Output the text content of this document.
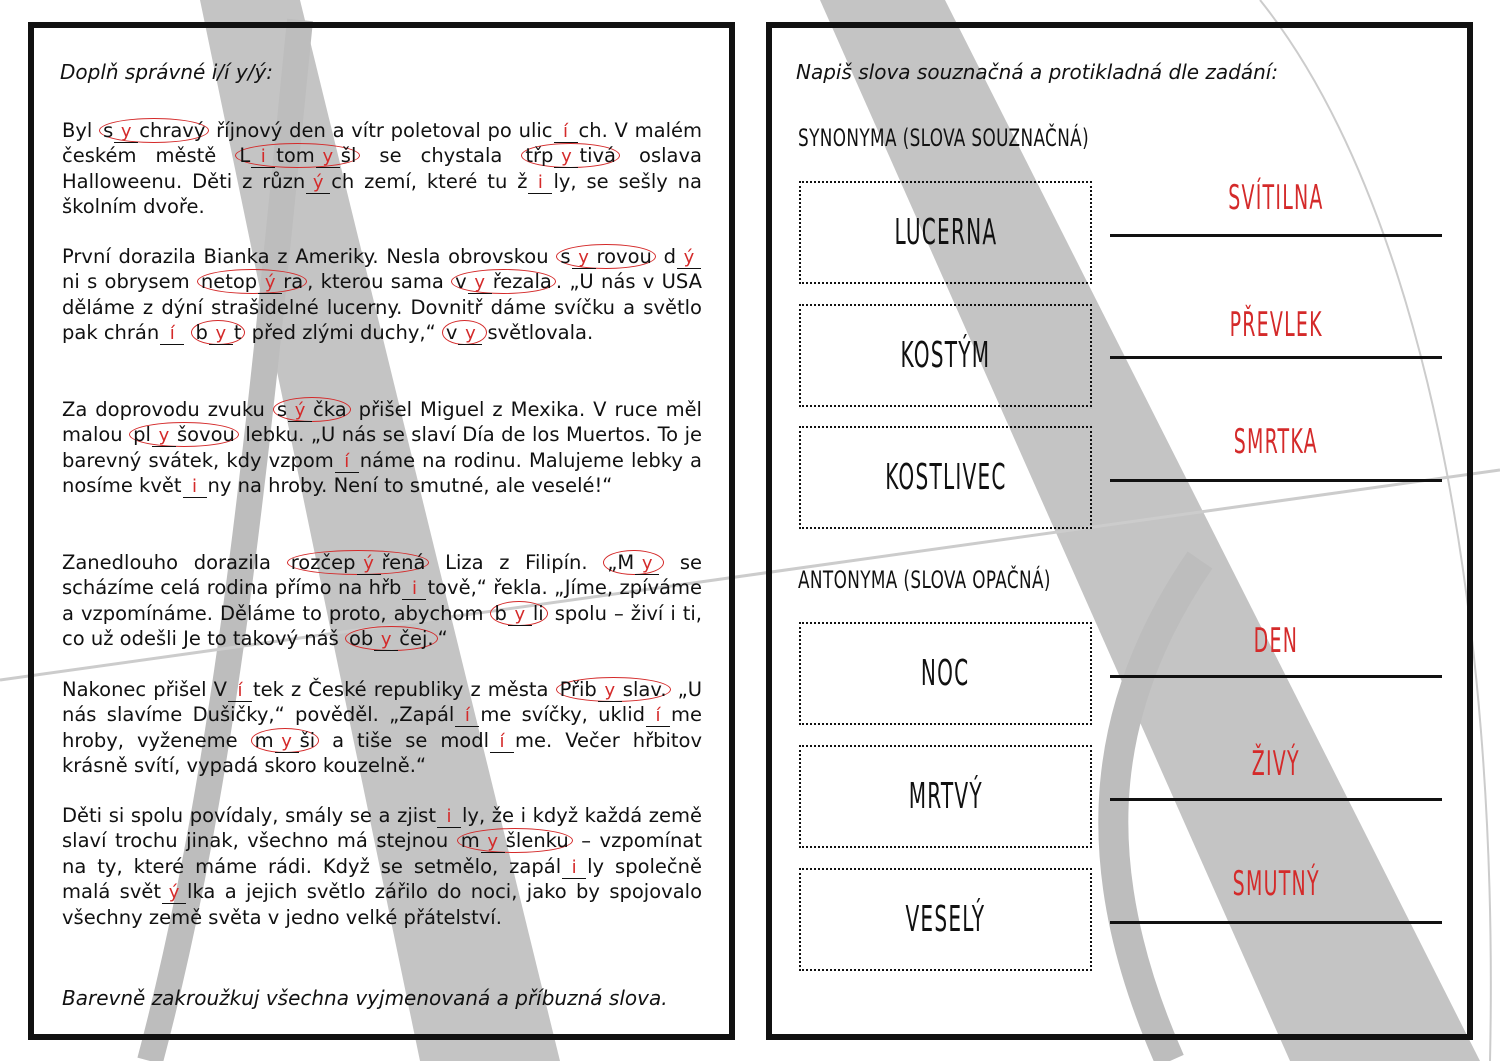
Doplň správné i/í y/ý:

Byl s y chravý říjnový den a vítr poletoval po ulic í ch. V malém českém městě L i tom y šl se chystala třp y tivá oslava Halloweenu. Děti z různ ý ch zemí, které tu ž i ly, se sešly na školním dvoře.

První dorazila Bianka z Ameriky. Nesla obrovskou s y rovou d ýni s obrysem netop ý ra , kterou sama v y řezala . „U nás v USA děláme z dýní strašidelné lucerny. Dovnitř dáme svíčku a světlo pak chrán í b y t před zlými duchy,“ v y světlovala.

Za doprovodu zvuku s ý čka přišel Miguel z Mexika. V ruce měl malou pl y šovou lebku. „U nás se slaví Día de los Muertos. To je barevný svátek, kdy vzpom í náme na rodinu. Malujeme lebky a nosíme květ i ny na hroby. Není to smutné, ale veselé!“

Zanedlouho dorazila rozčep ý řená Liza z Filipín. „M y se scházíme celá rodina přímo na hřb i tově,“ řekla. „Jíme, zpíváme a vzpomínáme. Děláme to proto, abychom b y li spolu – živí i ti, co už odešli Je to takový náš ob y čej. “

Nakonec přišel V í tek z České republiky z města Přib y slav. „U nás slavíme Dušičky,“ pověděl. „Zapál í me svíčky, uklid í me hroby, vyženeme m y ši a tiše se modl í me. Večer hřbitov krásně svítí, vypadá skoro kouzelně.“

Děti si spolu povídaly, smály se a zjist i ly, že i když každá země slaví trochu jinak, všechno má stejnou m y šlenku – vzpomínat na ty, které máme rádi. Když se setmělo, zapál i ly společně malá svět ý lka a jejich světlo zářilo do noci, jako by spojovalo všechny země světa v jedno velké přátelství.

Barevně zakroužkuj všechna vyjmenovaná a příbuzná slova.
Napiš slova souznačná a protikladná dle zadání:
SYNONYMA (SLOVA SOUZNAČNÁ)
LUCERNA
SVÍTILNA
KOSTÝM
PŘEVLEK
KOSTLIVEC
SMRTKA
ANTONYMA (SLOVA OPAČNÁ)
NOC
DEN
MRTVÝ
ŽIVÝ
VESELÝ
SMUTNÝ
